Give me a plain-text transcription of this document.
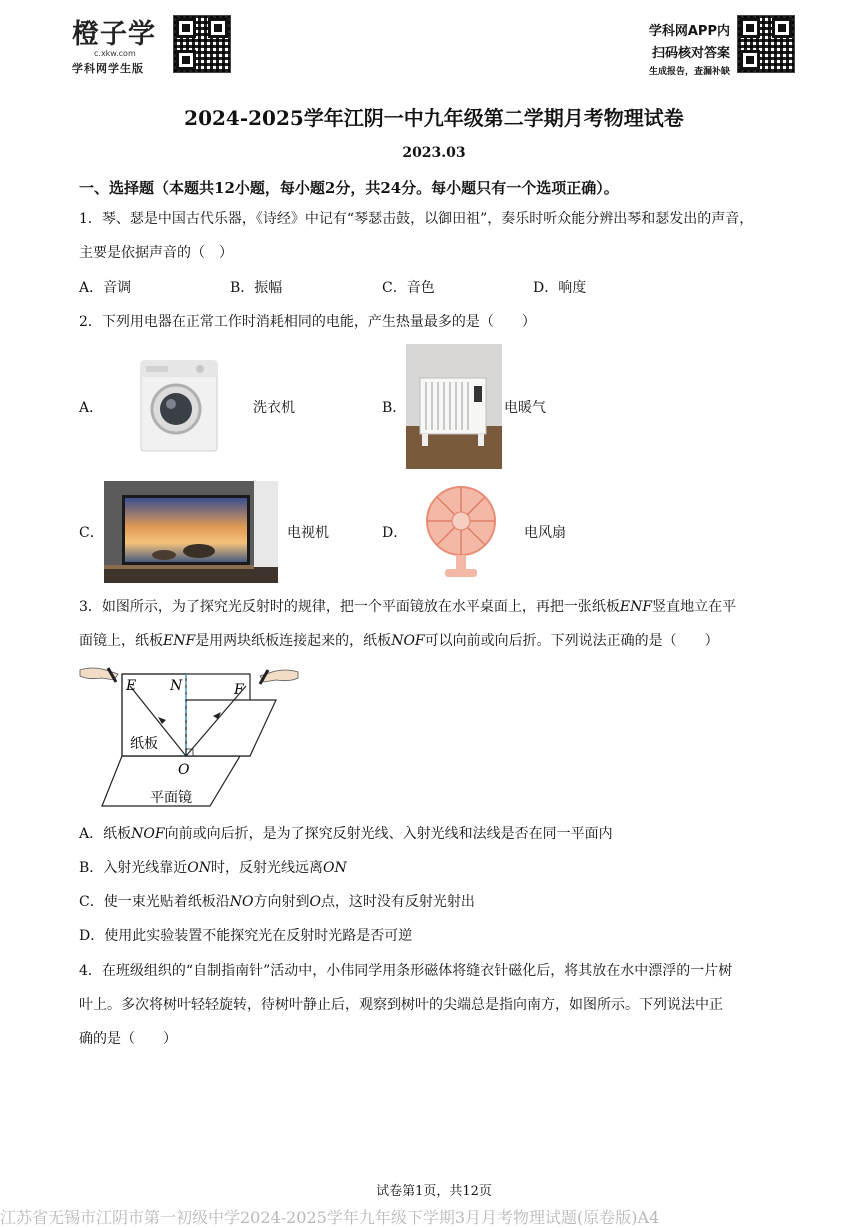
橙子学
c.xkw.com
学科网学生版
学科网APP内
扫码核对答案
生成报告，查漏补缺
2024-2025学年江阴一中九年级第二学期月考物理试卷
2023.03
一、选择题（本题共12小题，每小题2分，共24分。每小题只有一个选项正确）。
1．琴、瑟是中国古代乐器，《诗经》中记有“琴瑟击鼓，以御田祖”，奏乐时听众能分辨出琴和瑟发出的声音，
主要是依据声音的（　）
A．音调	B．振幅	C．音色	D．响度
2．下列用电器在正常工作时消耗相同的电能，产生热量最多的是（　　）
A．	洗衣机	B．	电暖气
C．	电视机	D．	电风扇
3．如图所示，为了探究光反射时的规律，把一个平面镜放在水平桌面上，再把一张纸板ENF竖直地立在平
面镜上，纸板ENF是用两块纸板连接起来的，纸板NOF可以向前或向后折。下列说法正确的是（　　）
E N	F
O
纸板
平面镜
A．纸板NOF向前或向后折，是为了探究反射光线、入射光线和法线是否在同一平面内
B．入射光线靠近ON时，反射光线远离ON
C．使一束光贴着纸板沿NO方向射到O点，这时没有反射光射出
D．使用此实验装置不能探究光在反射时光路是否可逆
4．在班级组织的“自制指南针”活动中，小伟同学用条形磁体将缝衣针磁化后，将其放在水中漂浮的一片树
叶上。多次将树叶轻轻旋转，待树叶静止后，观察到树叶的尖端总是指向南方，如图所示。下列说法中正
确的是（　　）
试卷第1页，共12页
江苏省无锡市江阴市第一初级中学2024-2025学年九年级下学期3月月考物理试题(原卷版)A4
